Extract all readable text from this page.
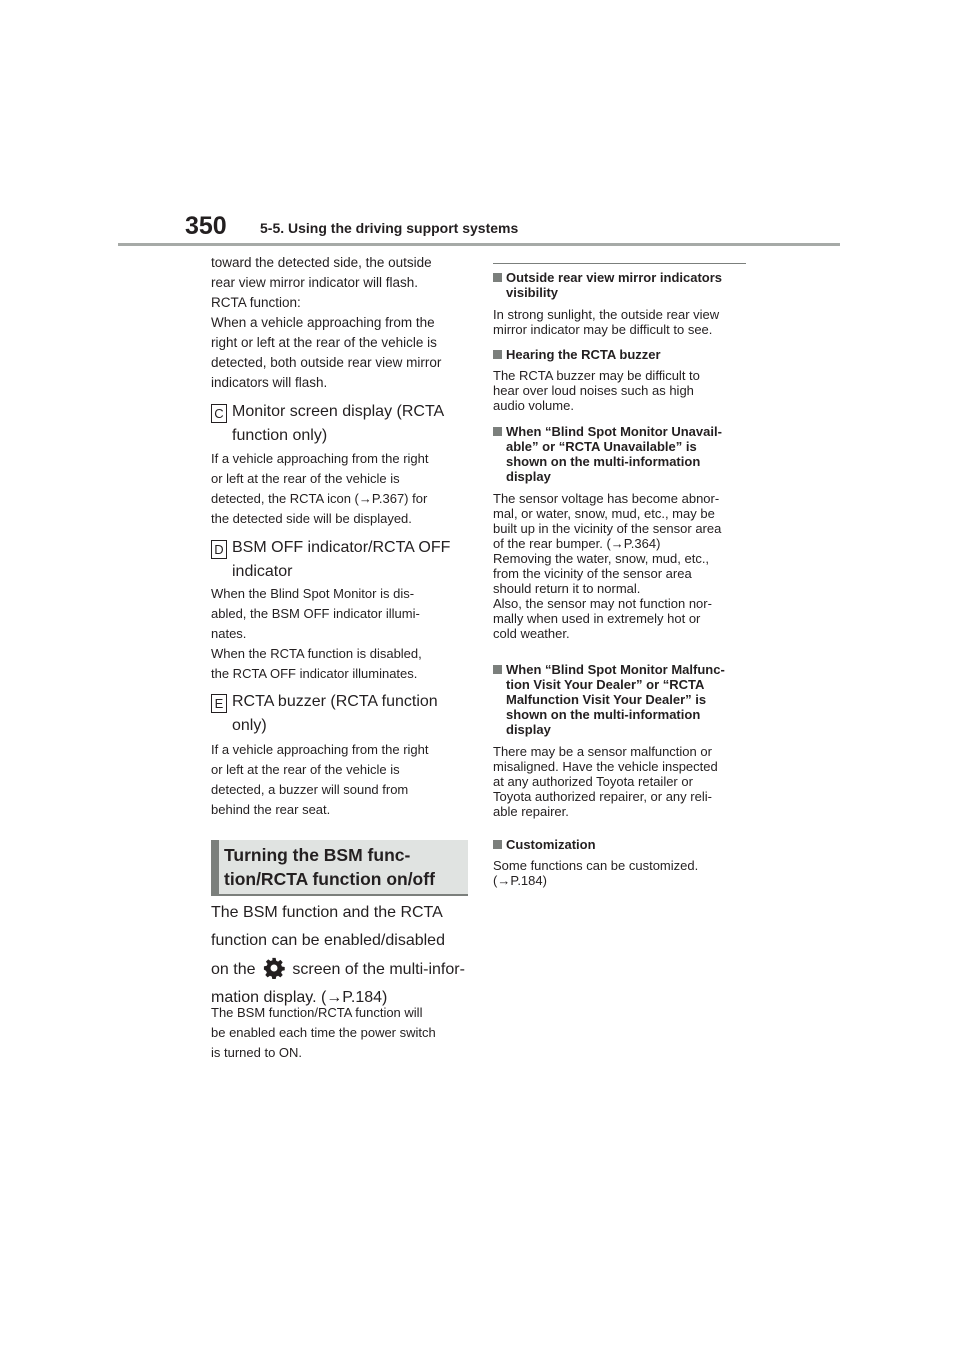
350 5-5. Using the driving support systems
toward the detected side, the outside
rear view mirror indicator will flash.
RCTA function:
When a vehicle approaching from the
right or left at the rear of the vehicle is
detected, both outside rear view mirror
indicators will flash.
C Monitor screen display (RCTA
function only)
If a vehicle approaching from the right
or left at the rear of the vehicle is
detected, the RCTA icon (→P.367) for
the detected side will be displayed.
D BSM OFF indicator/RCTA OFF
indicator
When the Blind Spot Monitor is dis-
abled, the BSM OFF indicator illumi-
nates.
When the RCTA function is disabled,
the RCTA OFF indicator illuminates.
E RCTA buzzer (RCTA function
only)
If a vehicle approaching from the right
or left at the rear of the vehicle is
detected, a buzzer will sound from
behind the rear seat.
Turning the BSM func-
tion/RCTA function on/off
The BSM function and the RCTA
function can be enabled/disabled
on the screen of the multi-infor-
mation display. (→P.184)
The BSM function/RCTA function will
be enabled each time the power switch
is turned to ON.
Outside rear view mirror indicators
visibility
In strong sunlight, the outside rear view
mirror indicator may be difficult to see.
Hearing the RCTA buzzer
The RCTA buzzer may be difficult to
hear over loud noises such as high
audio volume.
When “Blind Spot Monitor Unavail-
able” or “RCTA Unavailable” is
shown on the multi-information
display
The sensor voltage has become abnor-
mal, or water, snow, mud, etc., may be
built up in the vicinity of the sensor area
of the rear bumper. (→P.364)
Removing the water, snow, mud, etc.,
from the vicinity of the sensor area
should return it to normal.
Also, the sensor may not function nor-
mally when used in extremely hot or
cold weather.
When “Blind Spot Monitor Malfunc-
tion Visit Your Dealer” or “RCTA
Malfunction Visit Your Dealer” is
shown on the multi-information
display
There may be a sensor malfunction or
misaligned. Have the vehicle inspected
at any authorized Toyota retailer or
Toyota authorized repairer, or any reli-
able repairer.
Customization
Some functions can be customized.
(→P.184)
